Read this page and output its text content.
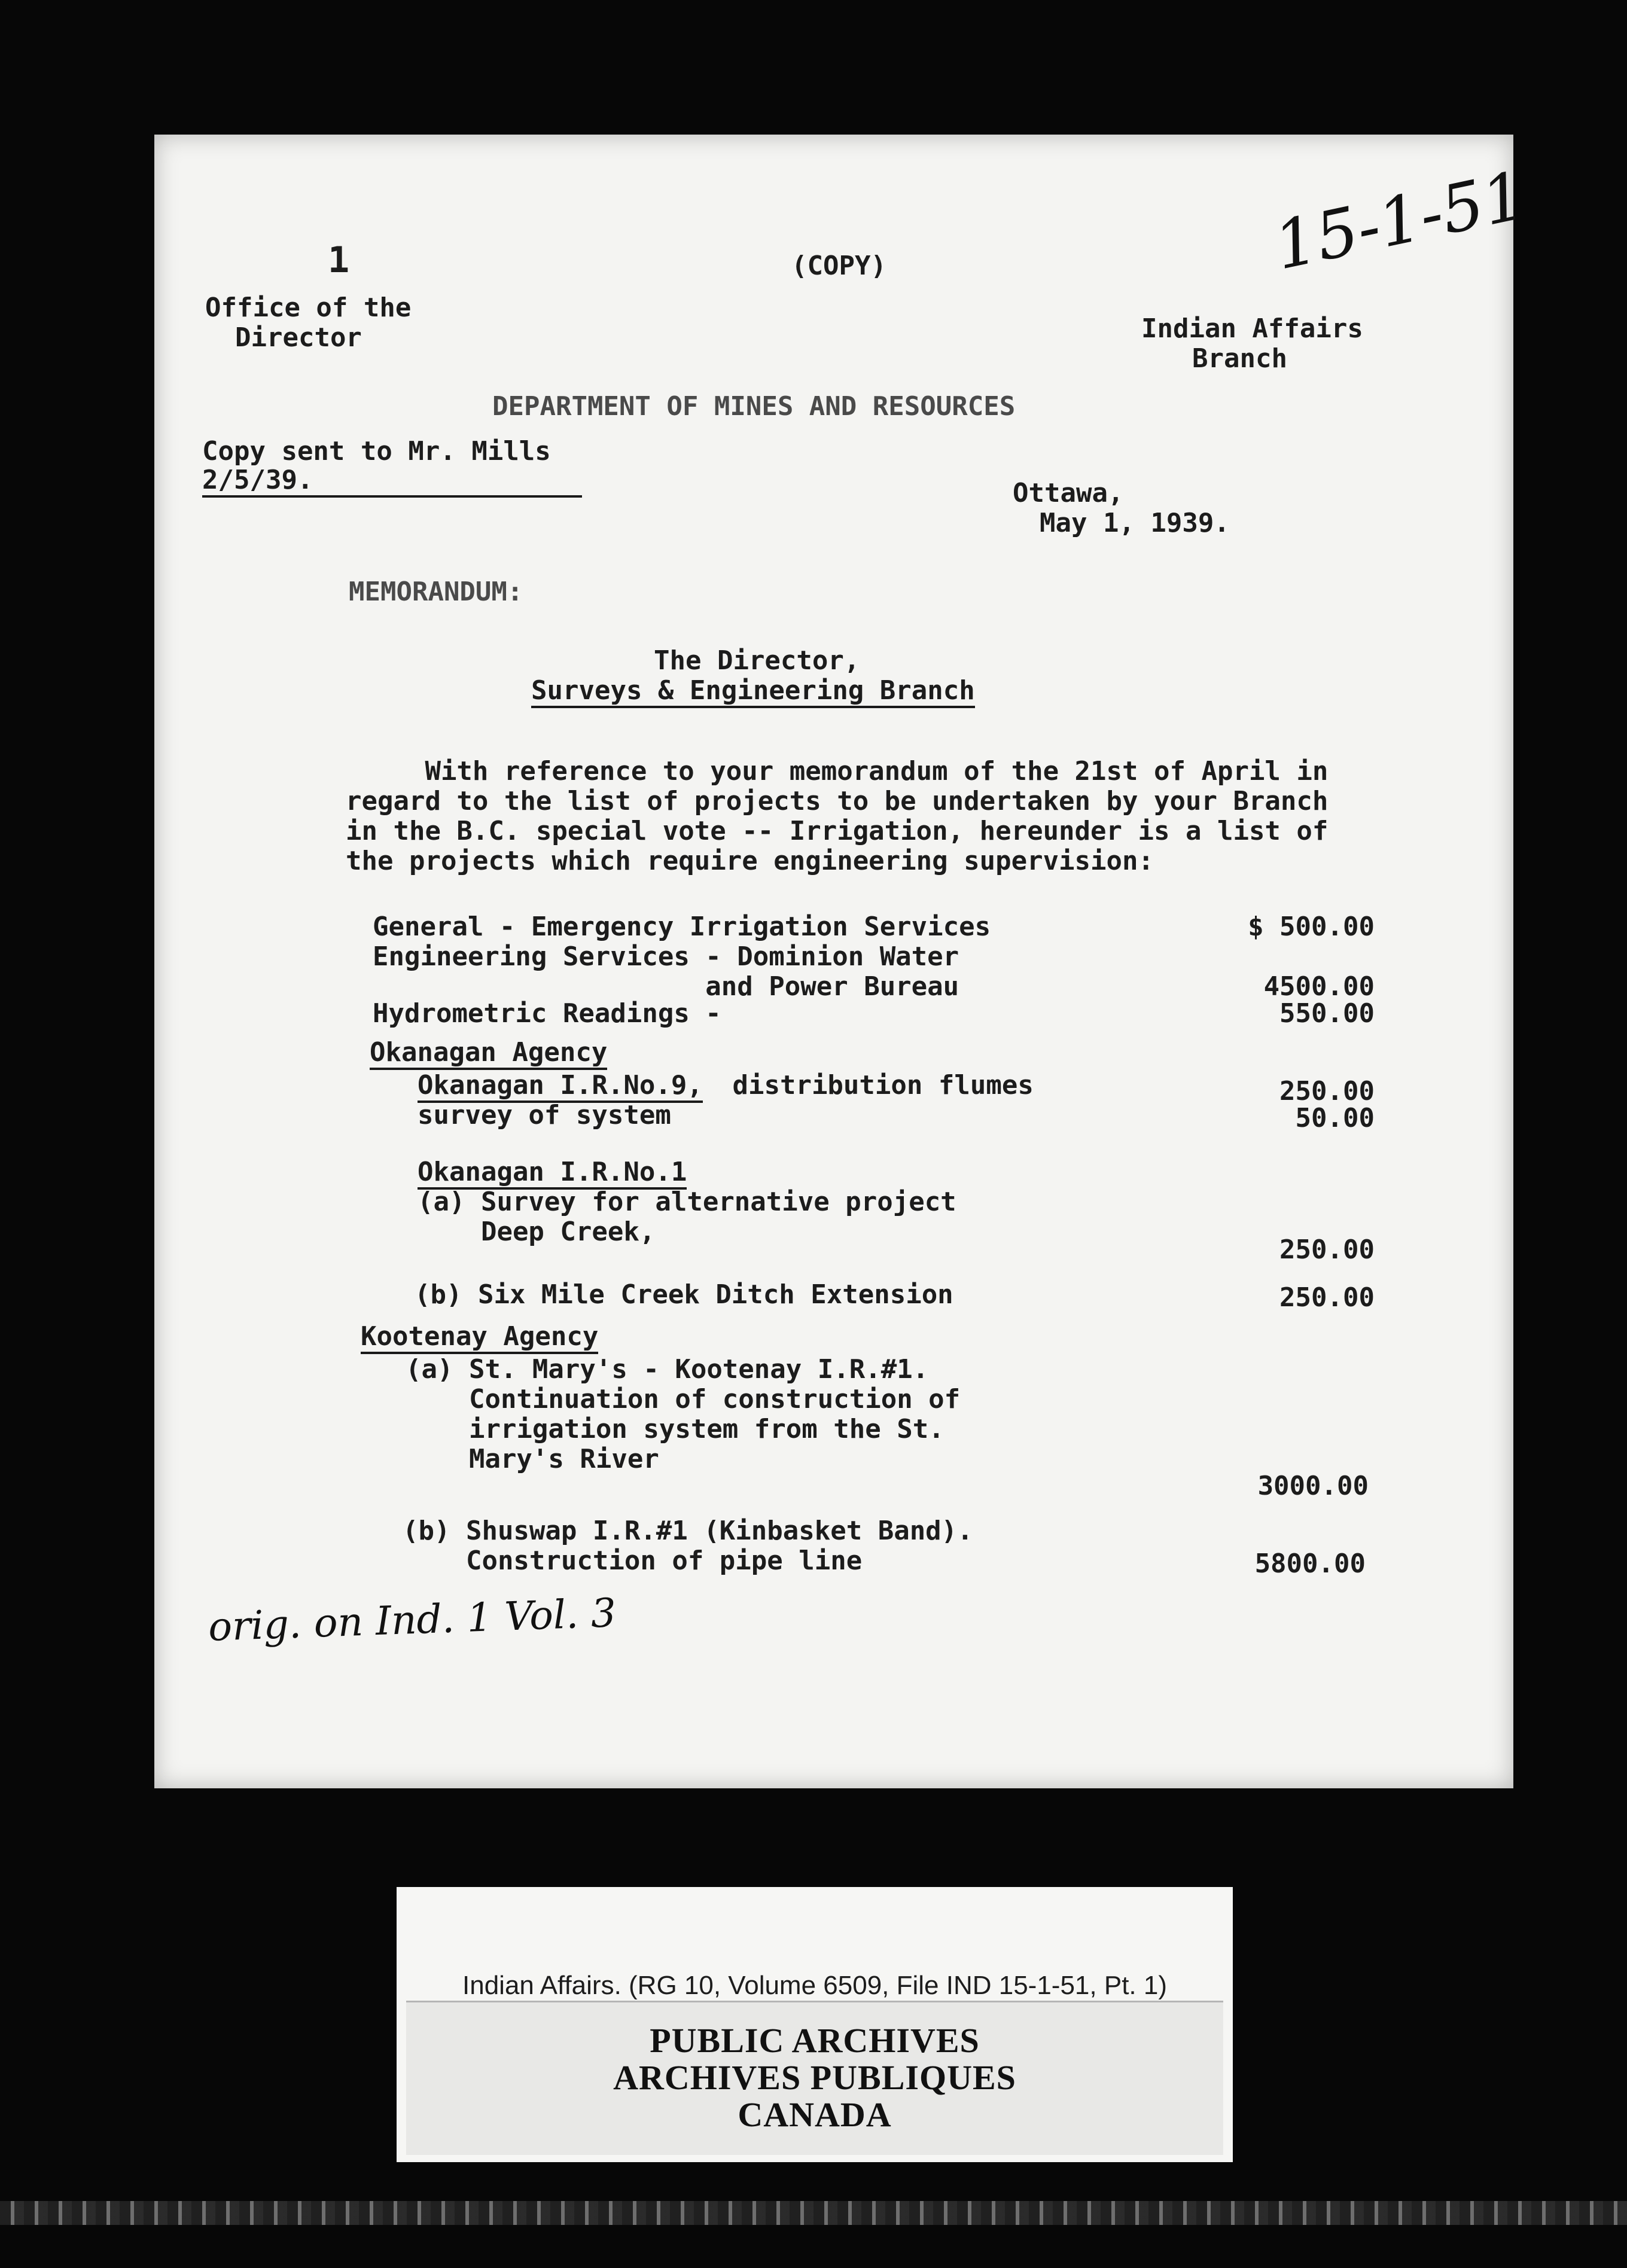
15-1-51
1	(COPY)
Office of the
Director	Indian Affairs
Branch
DEPARTMENT OF MINES AND RESOURCES
Copy sent to Mr. Mills
2/5/39.	Ottawa,
May 1, 1939.
MEMORANDUM:
The Director,
Surveys & Engineering Branch
With reference to your memorandum of the 21st of April in
regard to the list of projects to be undertaken by your Branch
in the B.C. special vote -- Irrigation, hereunder is a list of
the projects which require engineering supervision:
General - Emergency Irrigation Services	$ 500.00
Engineering Services - Dominion Water
and Power Bureau	4500.00
Hydrometric Readings -	550.00
Okanagan Agency
Okanagan I.R.No.9, distribution flumes	250.00
survey of system	50.00
Okanagan I.R.No.1
(a) Survey for alternative project
Deep Creek,
250.00
(b) Six Mile Creek Ditch Extension	250.00
Kootenay Agency
(a) St. Mary's - Kootenay I.R.#1.
Continuation of construction of
irrigation system from the St.
Mary's River
3000.00
(b) Shuswap I.R.#1 (Kinbasket Band).
Construction of pipe line	5800.00
orig. on Ind. 1 Vol. 3
Indian Affairs. (RG 10, Volume 6509, File IND 15-1-51, Pt. 1)
PUBLIC ARCHIVES
ARCHIVES PUBLIQUES
CANADA
